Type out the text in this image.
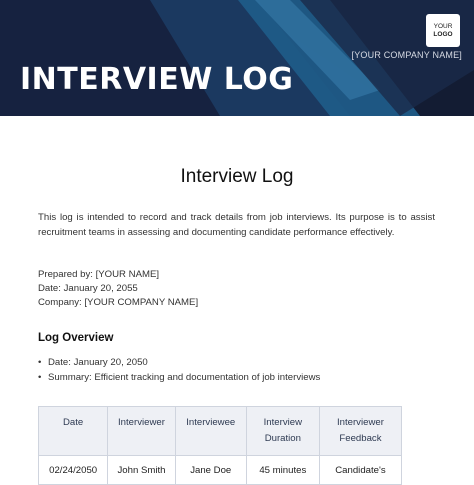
YOUR
LOGO
[YOUR COMPANY NAME]
INTERVIEW LOG
Interview Log
This log is intended to record and track details from job interviews. Its purpose is to assist recruitment teams in assessing and documenting candidate performance effectively.
Prepared by: [YOUR NAME]
Date: January 20, 2055
Company: [YOUR COMPANY NAME]
Log Overview
• Date: January 20, 2050
• Summary: Efficient tracking and documentation of job interviews
Date	Interviewer	Interviewee	Interview Duration	Interviewer Feedback
02/24/2050	John Smith	Jane Doe	45 minutes	Candidate's
